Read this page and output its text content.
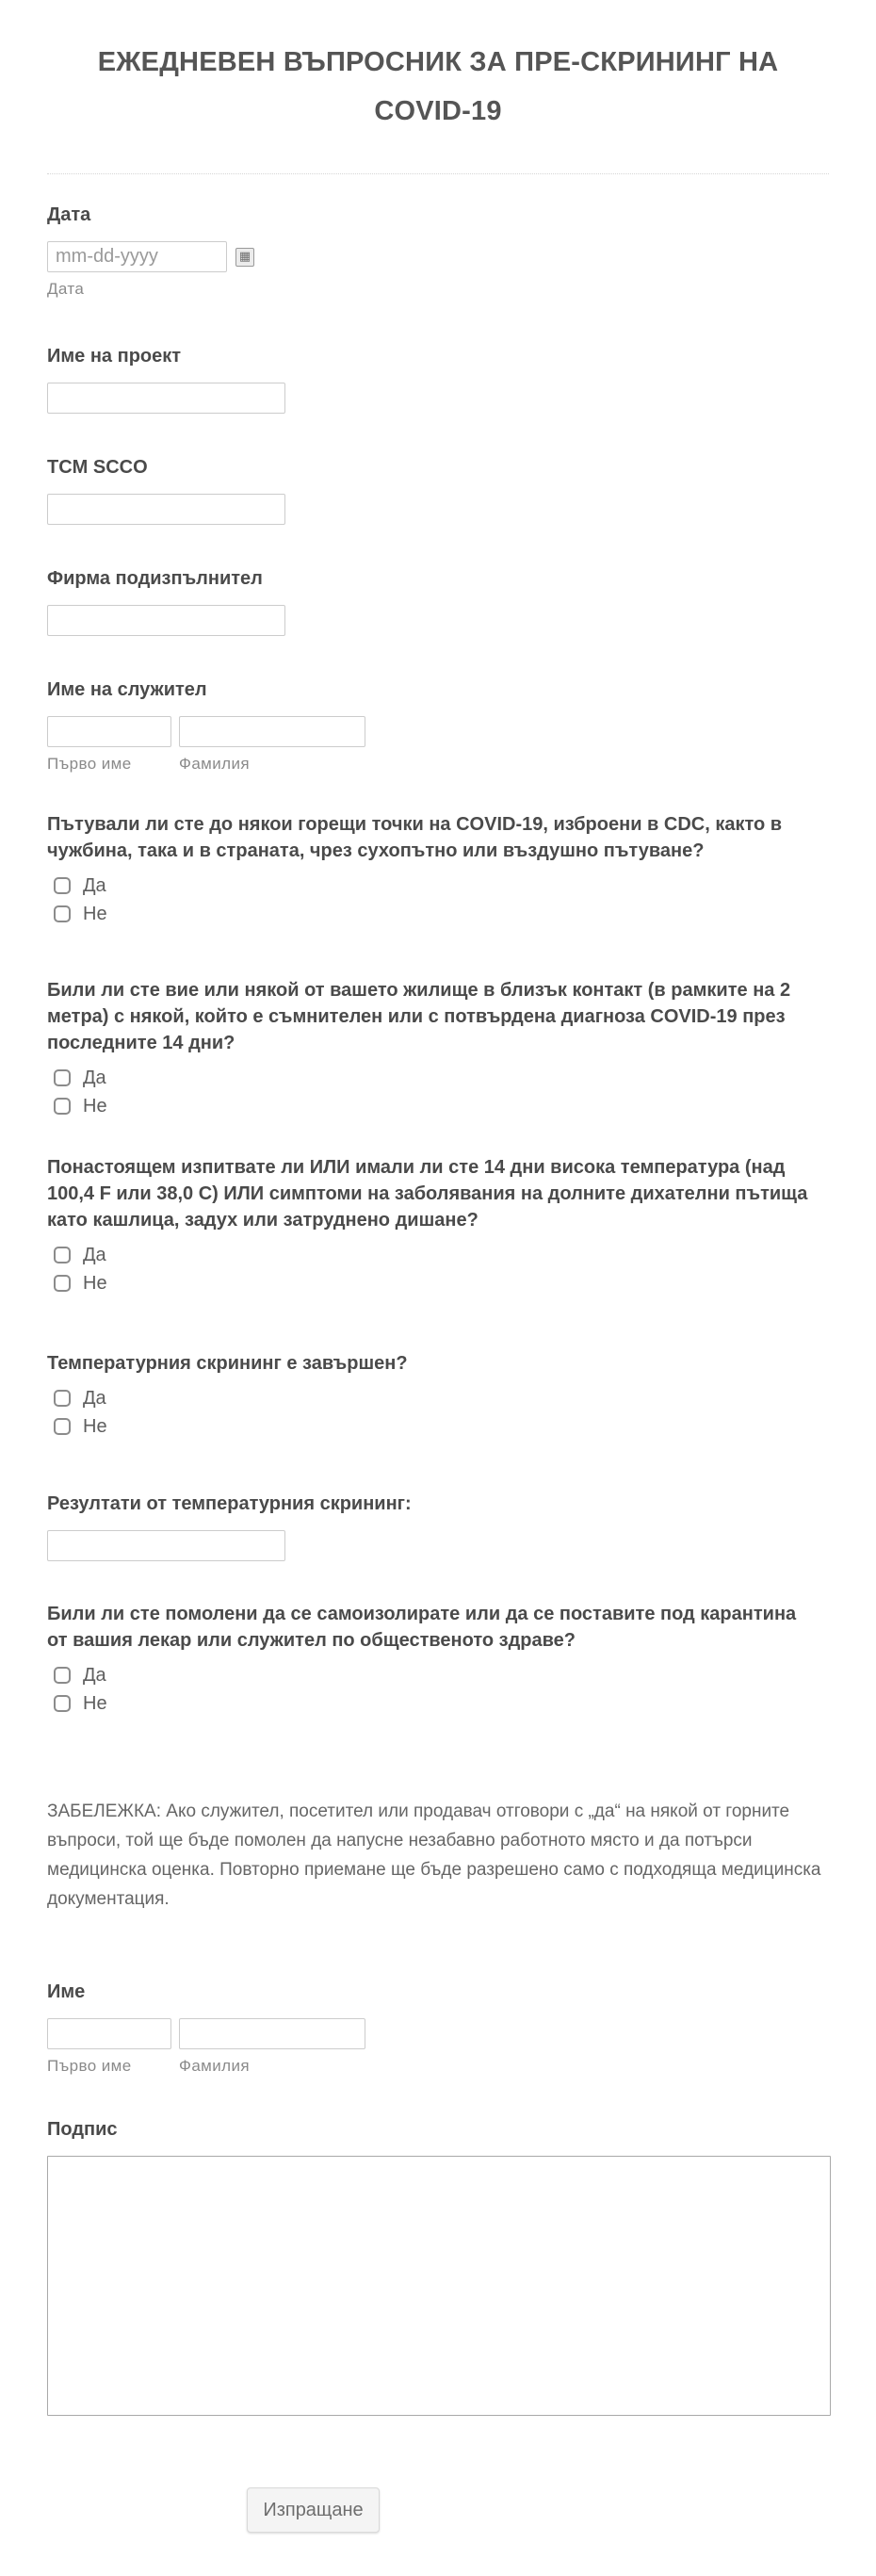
ЕЖЕДНЕВЕН ВЪПРОСНИК ЗА ПРЕ-СКРИНИНГ НА COVID-19
Дата
mm-dd-yyyy
▦
Дата
Име на проект
TCM SCCO
Фирма подизпълнител
Име на служител
Първо име	Фамилия
Пътували ли сте до някои горещи точки на COVID-19, изброени в CDC, както в чужбина, така и в страната, чрез сухопътно или въздушно пътуване?
Да
Не
Били ли сте вие или някой от вашето жилище в близък контакт (в рамките на 2 метра) с някой, който е съмнителен или с потвърдена диагноза COVID-19 през последните 14 дни?
Да
Не
Понастоящем изпитвате ли ИЛИ имали ли сте 14 дни висока температура (над 100,4 F или 38,0 C) ИЛИ симптоми на заболявания на долните дихателни пътища като кашлица, задух или затруднено дишане?
Да
Не
Температурния скрининг е завършен?
Да
Не
Резултати от температурния скрининг:
Били ли сте помолени да се самоизолирате или да се поставите под карантина от вашия лекар или служител по общественото здраве?
Да
Не

ЗАБЕЛЕЖКА: Ако служител, посетител или продавач отговори с „да“ на някой от горните въпроси, той ще бъде помолен да напусне незабавно работното място и да потърси медицинска оценка. Повторно приемане ще бъде разрешено само с подходяща медицинска документация.

Име
Първо име	Фамилия
Подпис
Изпращане
